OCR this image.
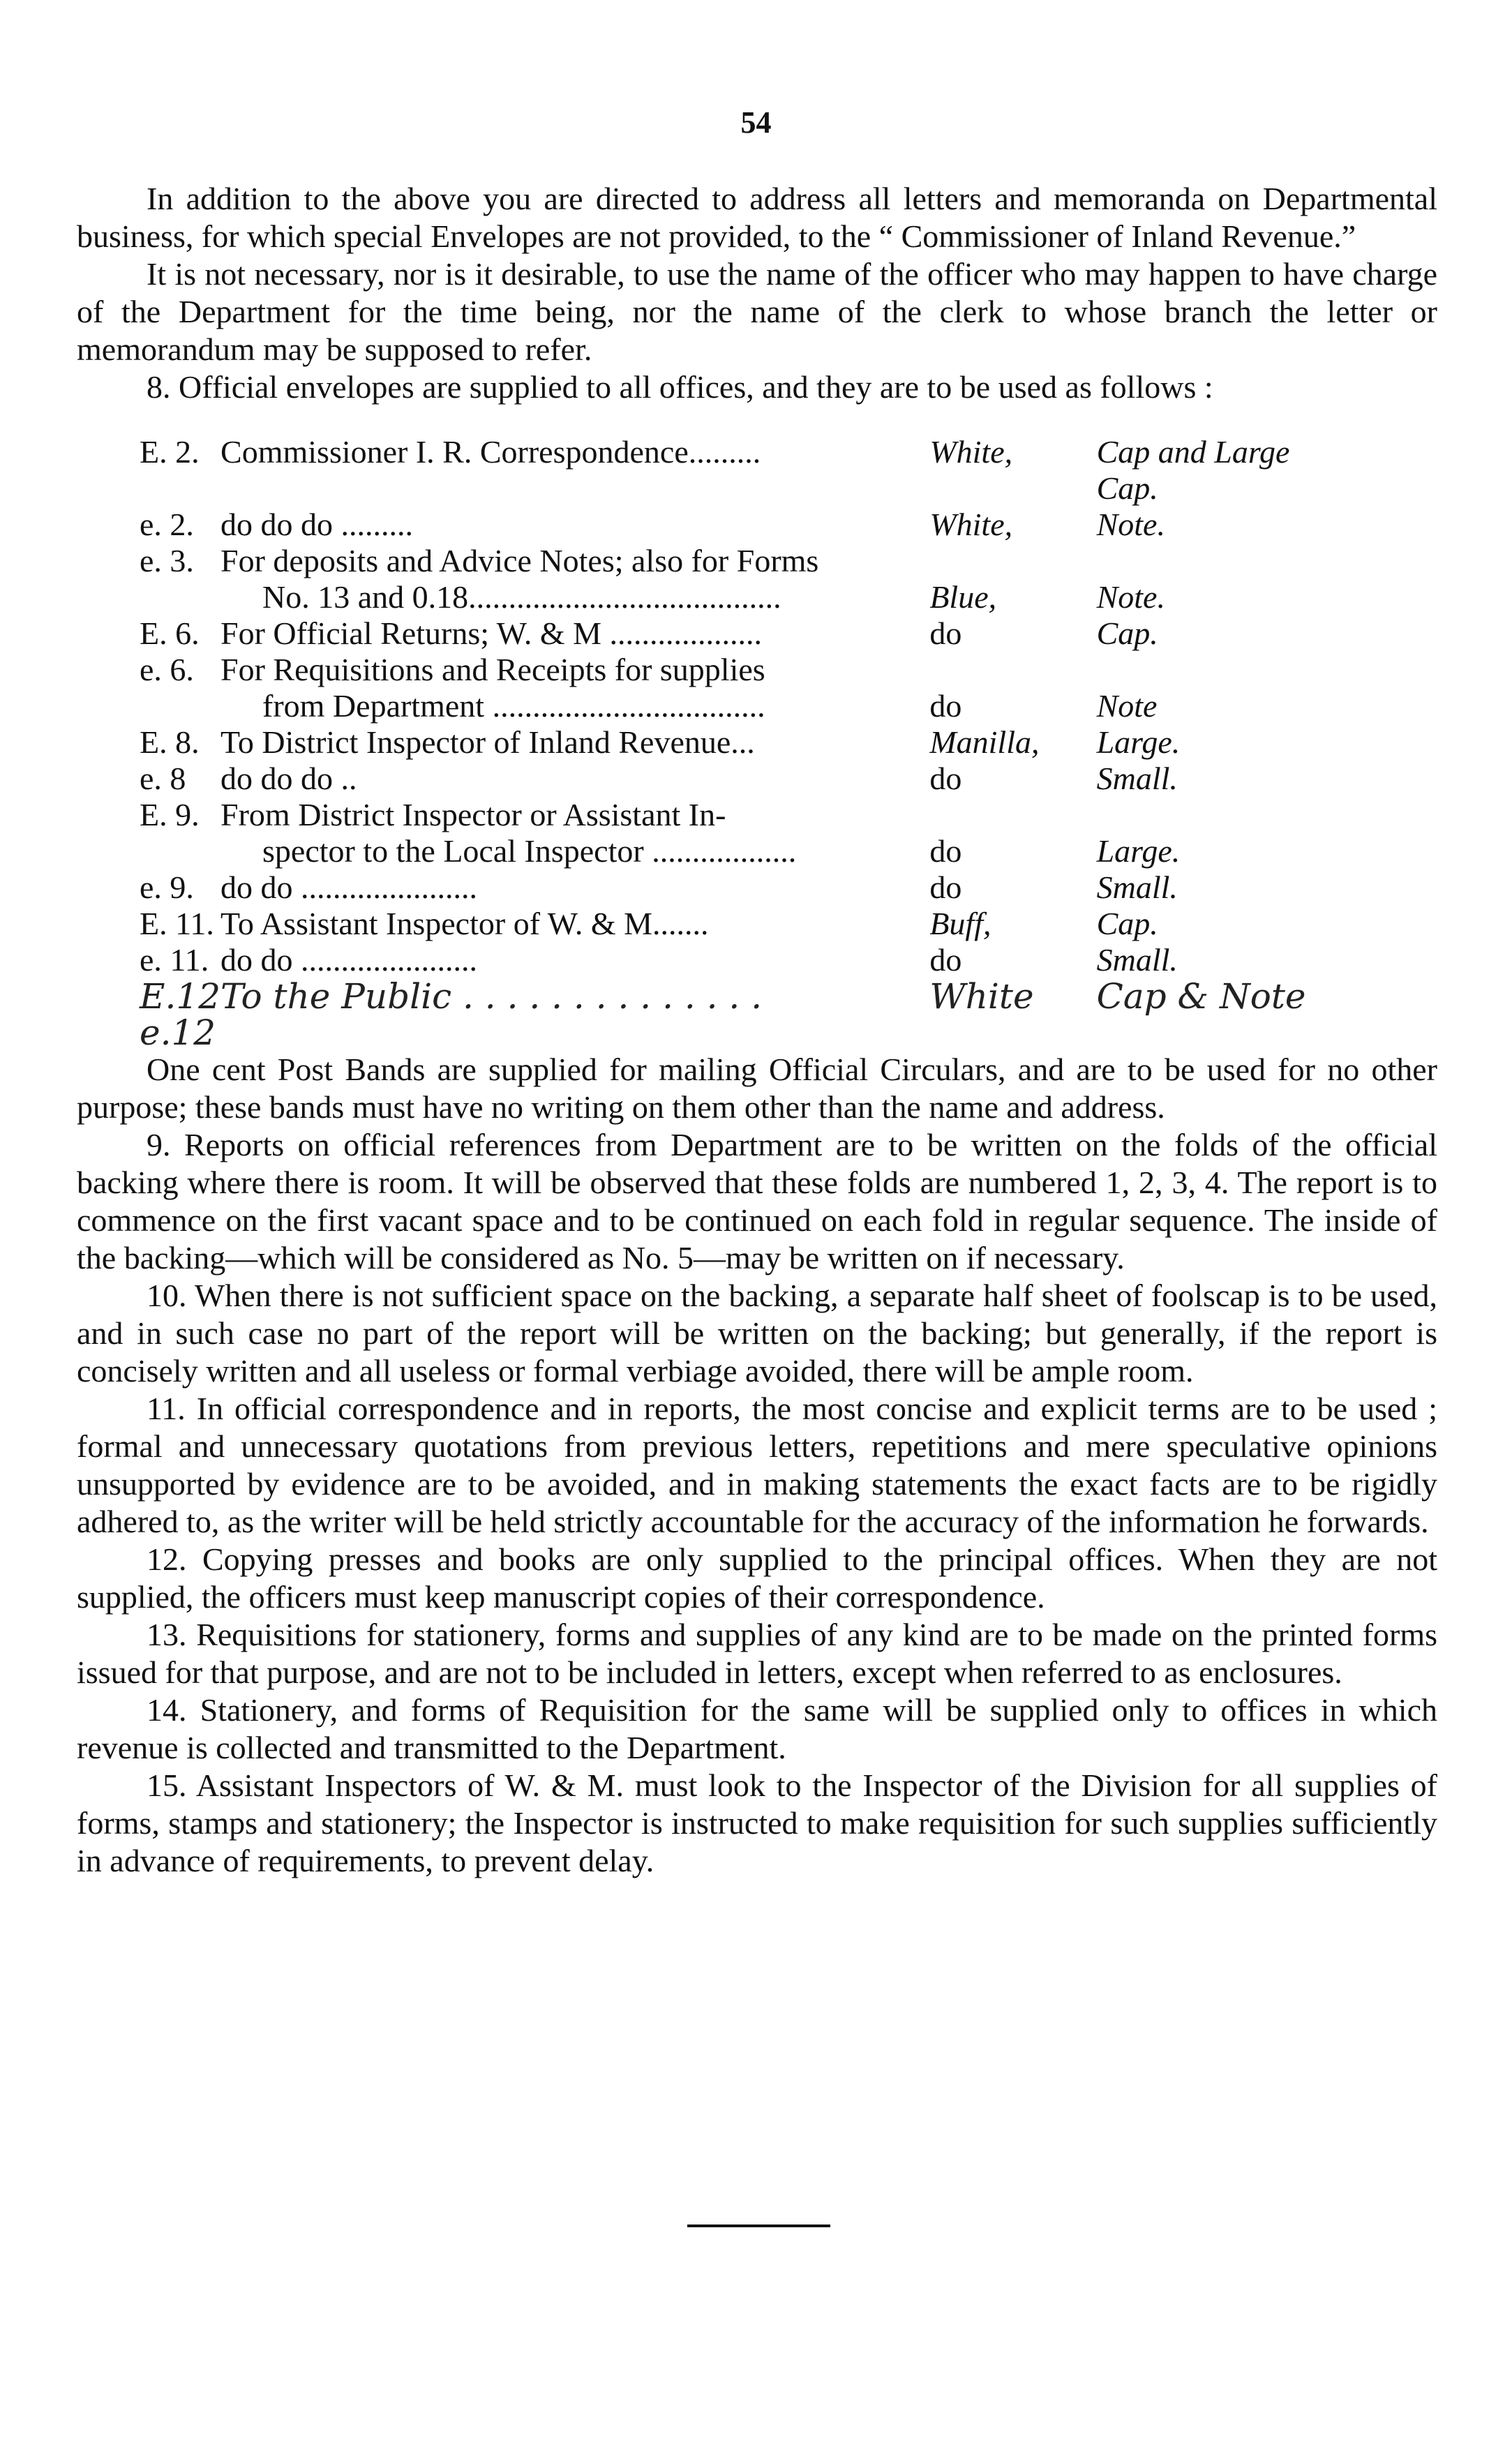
54

In addition to the above you are directed to address all letters and memoranda on Departmental business, for which special Envelopes are not provided, to the “ Commissioner of Inland Revenue.”

It is not necessary, nor is it desirable, to use the name of the officer who may happen to have charge of the Department for the time being, nor the name of the clerk to whose branch the letter or memorandum may be supposed to refer.

8. Official envelopes are supplied to all offices, and they are to be used as follows :

E. 2.	Commissioner I. R. Correspondence.........	White,	Cap and Large Cap.
e. 2.	do do do .........	White,	Note.
e. 3.	For deposits and Advice Notes; also for Forms
No. 13 and 0.18.......................................	Blue,	Note.
E. 6.	For Official Returns; W. & M ...................	do	Cap.
e. 6.	For Requisitions and Receipts for supplies
from Department ..................................	do	Note
E. 8.	To District Inspector of Inland Revenue...	Manilla,	Large.
e. 8	do do do ..	do	Small.
E. 9.	From District Inspector or Assistant In-
spector to the Local Inspector ..................	do	Large.
e. 9.	do do ......................	do	Small.
E. 11.	To Assistant Inspector of W. & M.......	Buff,	Cap.
e. 11.	do do ......................	do	Small.
E.12 e.12	To the Public . . . . . . . . . . . . . .	White	Cap & Note

One cent Post Bands are supplied for mailing Official Circulars, and are to be used for no other purpose; these bands must have no writing on them other than the name and address.

9. Reports on official references from Department are to be written on the folds of the official backing where there is room. It will be observed that these folds are numbered 1, 2, 3, 4. The report is to commence on the first vacant space and to be continued on each fold in regular sequence. The inside of the backing—which will be considered as No. 5—may be written on if necessary.

10. When there is not sufficient space on the backing, a separate half sheet of foolscap is to be used, and in such case no part of the report will be written on the backing; but generally, if the report is concisely written and all useless or formal verbiage avoided, there will be ample room.

11. In official correspondence and in reports, the most concise and explicit terms are to be used ; formal and unnecessary quotations from previous letters, repetitions and mere speculative opinions unsupported by evidence are to be avoided, and in making statements the exact facts are to be rigidly adhered to, as the writer will be held strictly accountable for the accuracy of the information he forwards.

12. Copying presses and books are only supplied to the principal offices. When they are not supplied, the officers must keep manuscript copies of their correspondence.

13. Requisitions for stationery, forms and supplies of any kind are to be made on the printed forms issued for that purpose, and are not to be included in letters, except when referred to as enclosures.

14. Stationery, and forms of Requisition for the same will be supplied only to offices in which revenue is collected and transmitted to the Department.

15. Assistant Inspectors of W. & M. must look to the Inspector of the Division for all supplies of forms, stamps and stationery; the Inspector is instructed to make requisition for such supplies sufficiently in advance of requirements, to prevent delay.
